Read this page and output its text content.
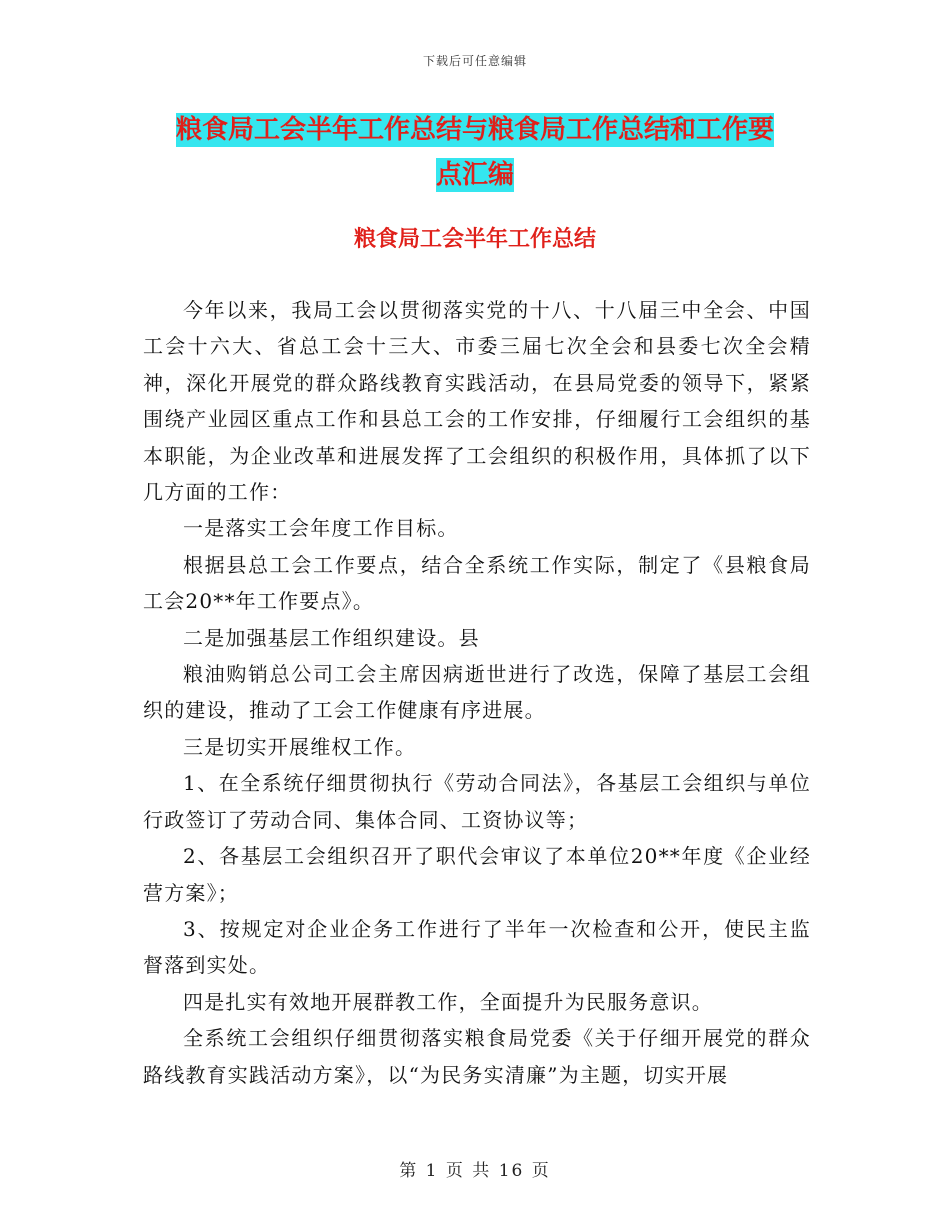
下载后可任意编辑
粮食局工会半年工作总结与粮食局工作总结和工作要
点汇编
粮食局工会半年工作总结

今年以来，我局工会以贯彻落实党的十八、十八届三中全会、中国工会十六大、省总工会十三大、市委三届七次全会和县委七次全会精神，深化开展党的群众路线教育实践活动，在县局党委的领导下，紧紧围绕产业园区重点工作和县总工会的工作安排，仔细履行工会组织的基本职能，为企业改革和进展发挥了工会组织的积极作用，具体抓了以下几方面的工作：

一是落实工会年度工作目标。

根据县总工会工作要点，结合全系统工作实际，制定了《县粮食局工会20**年工作要点》。

二是加强基层工作组织建设。县

粮油购销总公司工会主席因病逝世进行了改选，保障了基层工会组织的建设，推动了工会工作健康有序进展。

三是切实开展维权工作。

1、在全系统仔细贯彻执行《劳动合同法》，各基层工会组织与单位行政签订了劳动合同、集体合同、工资协议等；

2、各基层工会组织召开了职代会审议了本单位20**年度《企业经营方案》；

3、按规定对企业企务工作进行了半年一次检查和公开，使民主监督落到实处。

四是扎实有效地开展群教工作，全面提升为民服务意识。

全系统工会组织仔细贯彻落实粮食局党委《关于仔细开展党的群众路线教育实践活动方案》，以“为民务实清廉”为主题，切实开展

第 1 页 共 16 页
